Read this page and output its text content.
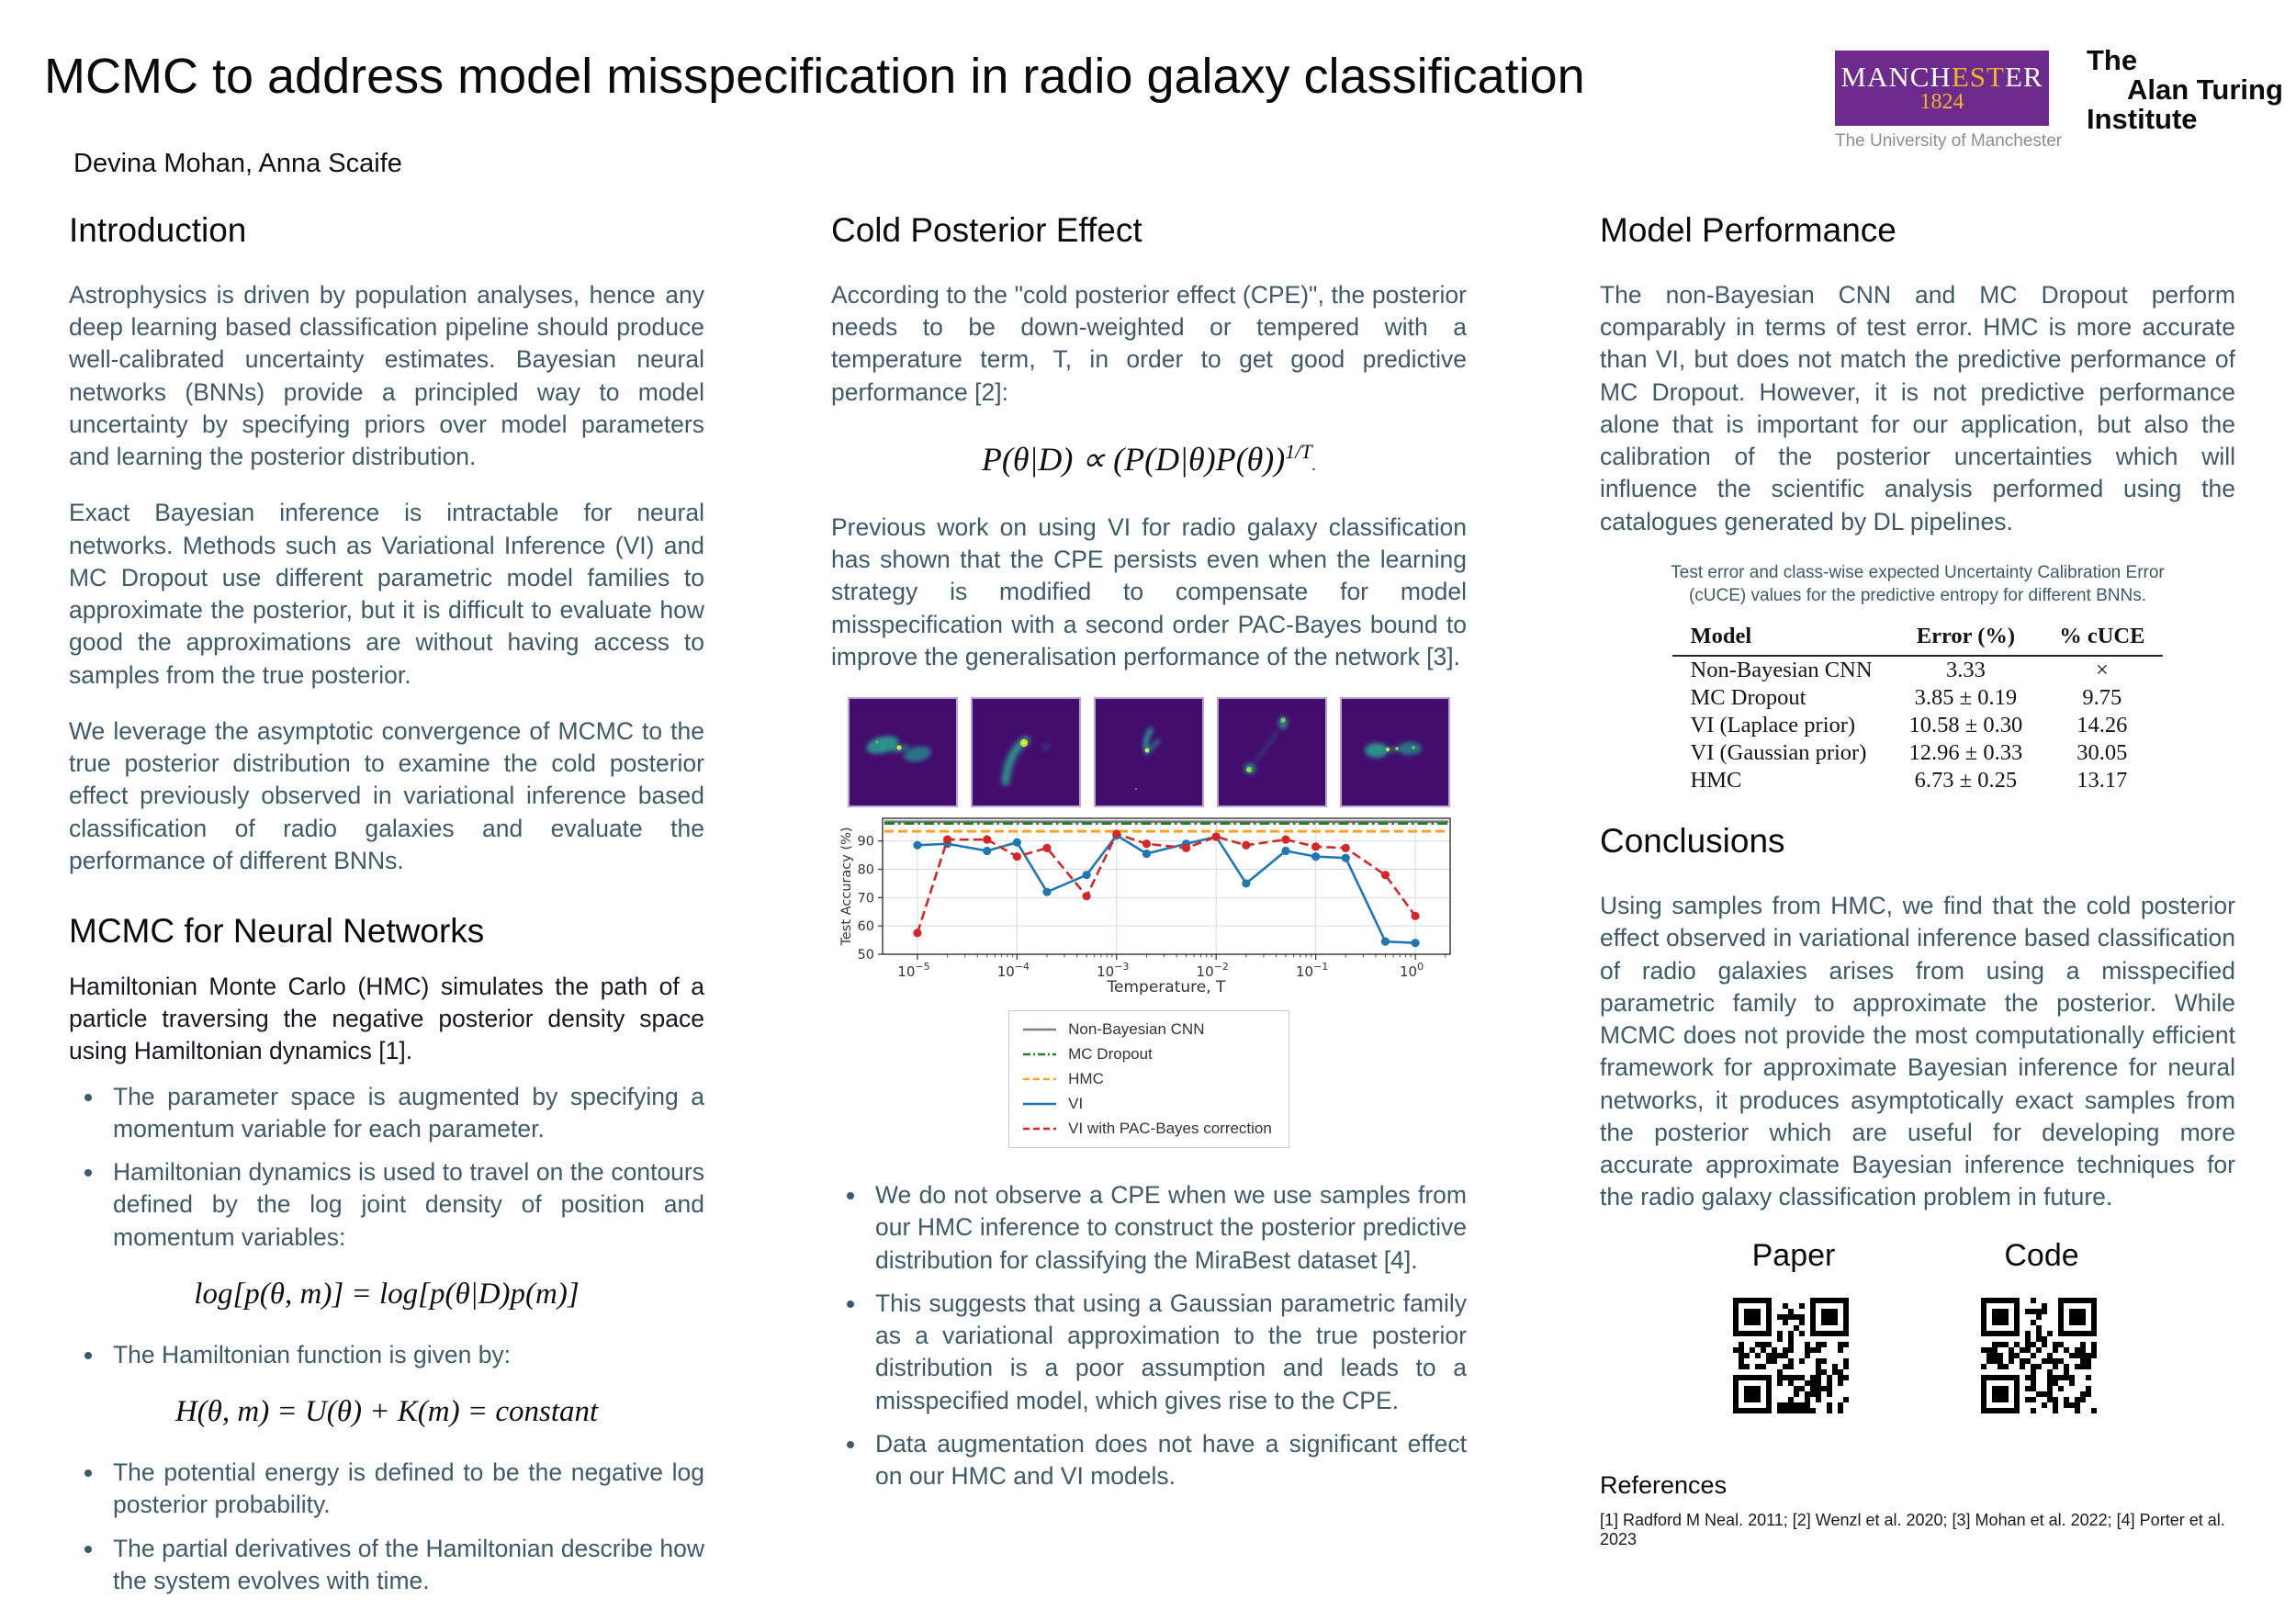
MCMC to address model misspecification in radio galaxy classification
Devina Mohan, Anna Scaife
MANCHESTER
1824
The University of Manchester
The
Alan Turing
Institute
Introduction

Astrophysics is driven by population analyses, hence any deep learning based classification pipeline should produce well-calibrated uncertainty estimates. Bayesian neural networks (BNNs) provide a principled way to model uncertainty by specifying priors over model parameters and learning the posterior distribution.

Exact Bayesian inference is intractable for neural networks. Methods such as Variational Inference (VI) and MC Dropout use different parametric model families to approximate the posterior, but it is difficult to evaluate how good the approximations are without having access to samples from the true posterior.

We leverage the asymptotic convergence of MCMC to the true posterior distribution to examine the cold posterior effect previously observed in variational inference based classification of radio galaxies and evaluate the performance of different BNNs.

MCMC for Neural Networks

Hamiltonian Monte Carlo (HMC) simulates the path of a particle traversing the negative posterior density space using Hamiltonian dynamics [1].

• The parameter space is augmented by specifying a momentum variable for each parameter.
• Hamiltonian dynamics is used to travel on the contours defined by the log joint density of position and momentum variables:
log[p(θ, m)] = log[p(θ|D)p(m)]
• The Hamiltonian function is given by:
H(θ, m) = U(θ) + K(m) = constant
• The potential energy is defined to be the negative log posterior probability.
• The partial derivatives of the Hamiltonian describe how the system evolves with time.
Cold Posterior Effect

According to the "cold posterior effect (CPE)", the posterior needs to be down-weighted or tempered with a temperature term, T, in order to get good predictive performance [2]:

$P(\theta|D) \propto (P(D|\theta)P(\theta))^{1/T}$.

Previous work on using VI for radio galaxy classification has shown that the CPE persists even when the learning strategy is modified to compensate for model misspecification with a second order PAC-Bayes bound to improve the generalisation performance of the network [3].

50
60
70
80
90
$10^{-5}$	$10^{-4}$	$10^{-3}$	$10^{-2}$	$10^{-1}$	$10^0$
Temperature, T
Test Accuracy (%)
Non-Bayesian CNN
MC Dropout
HMC
VI
VI with PAC-Bayes correction
• We do not observe a CPE when we use samples from our HMC inference to construct the posterior predictive distribution for classifying the MiraBest dataset [4].
• This suggests that using a Gaussian parametric family as a variational approximation to the true posterior distribution is a poor assumption and leads to a misspecified model, which gives rise to the CPE.
• Data augmentation does not have a significant effect on our HMC and VI models.
Model Performance

The non-Bayesian CNN and MC Dropout perform comparably in terms of test error. HMC is more accurate than VI, but does not match the predictive performance of MC Dropout. However, it is not predictive performance alone that is important for our application, but also the calibration of the posterior uncertainties which will influence the scientific analysis performed using the catalogues generated by DL pipelines.

Test error and class-wise expected Uncertainty Calibration Error (cUCE) values for the predictive entropy for different BNNs.
Model	Error (%)	% cUCE
Non-Bayesian CNN	3.33	×
MC Dropout	3.85 ± 0.19	9.75
VI (Laplace prior)	10.58 ± 0.30	14.26
VI (Gaussian prior)	12.96 ± 0.33	30.05
HMC	6.73 ± 0.25	13.17
Conclusions

Using samples from HMC, we find that the cold posterior effect observed in variational inference based classification of radio galaxies arises from using a misspecified parametric family to approximate the posterior. While MCMC does not provide the most computationally efficient framework for approximate Bayesian inference for neural networks, it produces asymptotically exact samples from the posterior which are useful for developing more accurate approximate Bayesian inference techniques for the radio galaxy classification problem in future.

Paper	Code
References
[1] Radford M Neal. 2011; [2] Wenzl et al. 2020; [3] Mohan et al. 2022; [4] Porter et al. 2023
